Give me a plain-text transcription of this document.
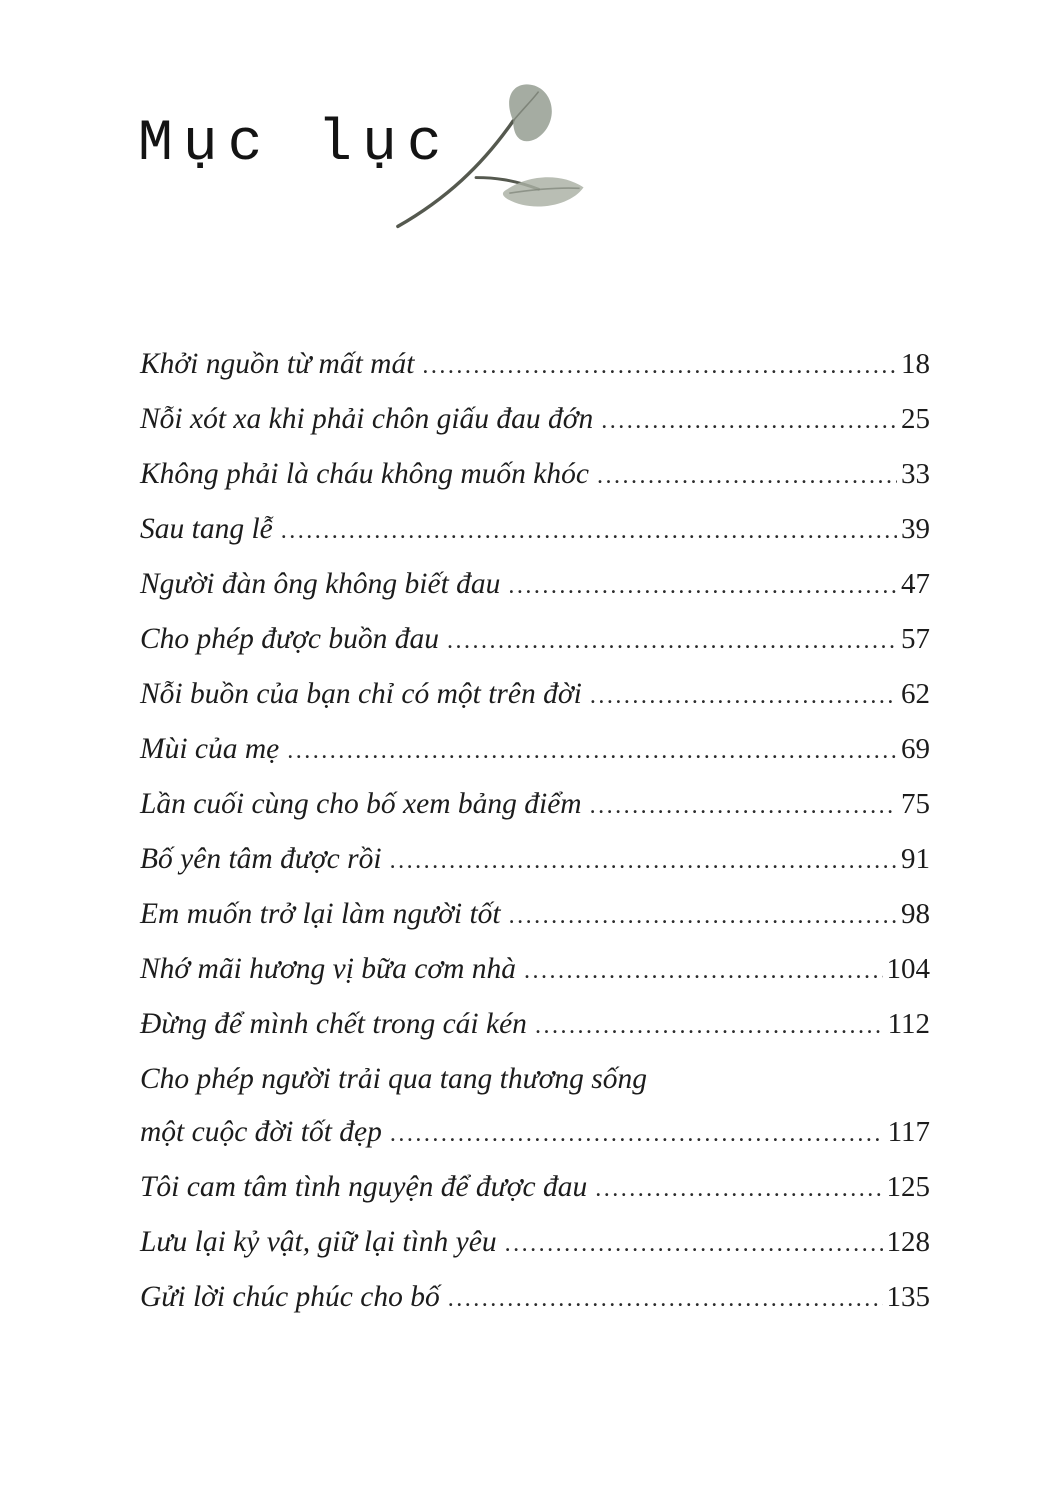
Mục lục
Khởi nguồn từ mất mát .....	18
Nỗi xót xa khi phải chôn giấu đau đớn .....	25
Không phải là cháu không muốn khóc .....	33
Sau tang lễ .....	39
Người đàn ông không biết đau .....	47
Cho phép được buồn đau .....	57
Nỗi buồn của bạn chỉ có một trên đời .....	62
Mùi của mẹ .....	69
Lần cuối cùng cho bố xem bảng điểm .....	75
Bố yên tâm được rồi .....	91
Em muốn trở lại làm người tốt .....	98
Nhớ mãi hương vị bữa cơm nhà .....	104
Đừng để mình chết trong cái kén .....	112
Cho phép người trải qua tang thương sống
một cuộc đời tốt đẹp .....	117
Tôi cam tâm tình nguyện để được đau .....	125
Lưu lại kỷ vật, giữ lại tình yêu .....	128
Gửi lời chúc phúc cho bố .....	135
